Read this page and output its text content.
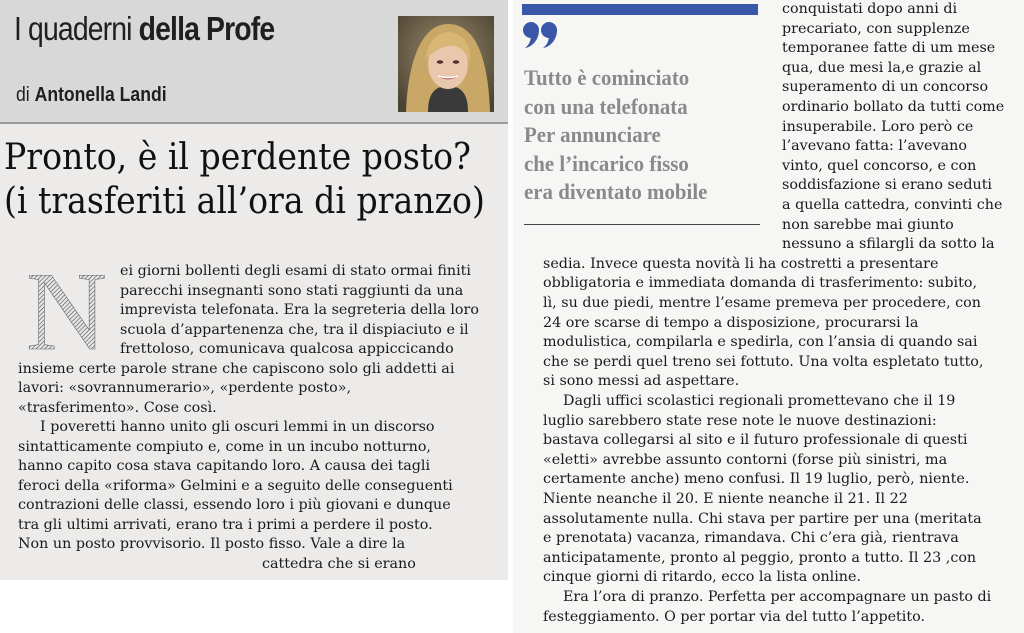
I quaderni della Profe
di Antonella Landi
Pronto, è il perdente posto?
(i trasferiti all’ora di pranzo)
N ei giorni bollenti degli esami di stato ormai finiti
parecchi insegnanti sono stati raggiunti da una
imprevista telefonata. Era la segreteria della loro
scuola d’appartenenza che, tra il dispiaciuto e il
frettoloso, comunicava qualcosa appiccicando
insieme certe parole strane che capiscono solo gli addetti ai
lavori: «sovrannumerario», «perdente posto»,
«trasferimento». Cose così.
I poveretti hanno unito gli oscuri lemmi in un discorso
sintatticamente compiuto e, come in un incubo notturno,
hanno capito cosa stava capitando loro. A causa dei tagli
feroci della «riforma» Gelmini e a seguito delle conseguenti
contrazioni delle classi, essendo loro i più giovani e dunque
tra gli ultimi arrivati, erano tra i primi a perdere il posto.
Non un posto provvisorio. Il posto fisso. Vale a dire la
cattedra che si erano
Tutto è cominciato
con una telefonata
Per annunciare
che l’incarico fisso
era diventato mobile
conquistati dopo anni di
precariato, con supplenze
temporanee fatte di um mese
qua, due mesi la,e grazie al
superamento di un concorso
ordinario bollato da tutti come
insuperabile. Loro però ce
l’avevano fatta: l’avevano
vinto, quel concorso, e con
soddisfazione si erano seduti
a quella cattedra, convinti che
non sarebbe mai giunto
nessuno a sfilargli da sotto la
sedia. Invece questa novità li ha costretti a presentare
obbligatoria e immediata domanda di trasferimento: subito,
lì, su due piedi, mentre l’esame premeva per procedere, con
24 ore scarse di tempo a disposizione, procurarsi la
modulistica, compilarla e spedirla, con l’ansia di quando sai
che se perdi quel treno sei fottuto. Una volta espletato tutto,
si sono messi ad aspettare.
Dagli uffici scolastici regionali promettevano che il 19
luglio sarebbero state rese note le nuove destinazioni:
bastava collegarsi al sito e il futuro professionale di questi
«eletti» avrebbe assunto contorni (forse più sinistri, ma
certamente anche) meno confusi. Il 19 luglio, però, niente.
Niente neanche il 20. E niente neanche il 21. Il 22
assolutamente nulla. Chi stava per partire per una (meritata
e prenotata) vacanza, rimandava. Chi c’era già, rientrava
anticipatamente, pronto al peggio, pronto a tutto. Il 23 ,con
cinque giorni di ritardo, ecco la lista online.
Era l’ora di pranzo. Perfetta per accompagnare un pasto di
festeggiamento. O per portar via del tutto l’appetito.
